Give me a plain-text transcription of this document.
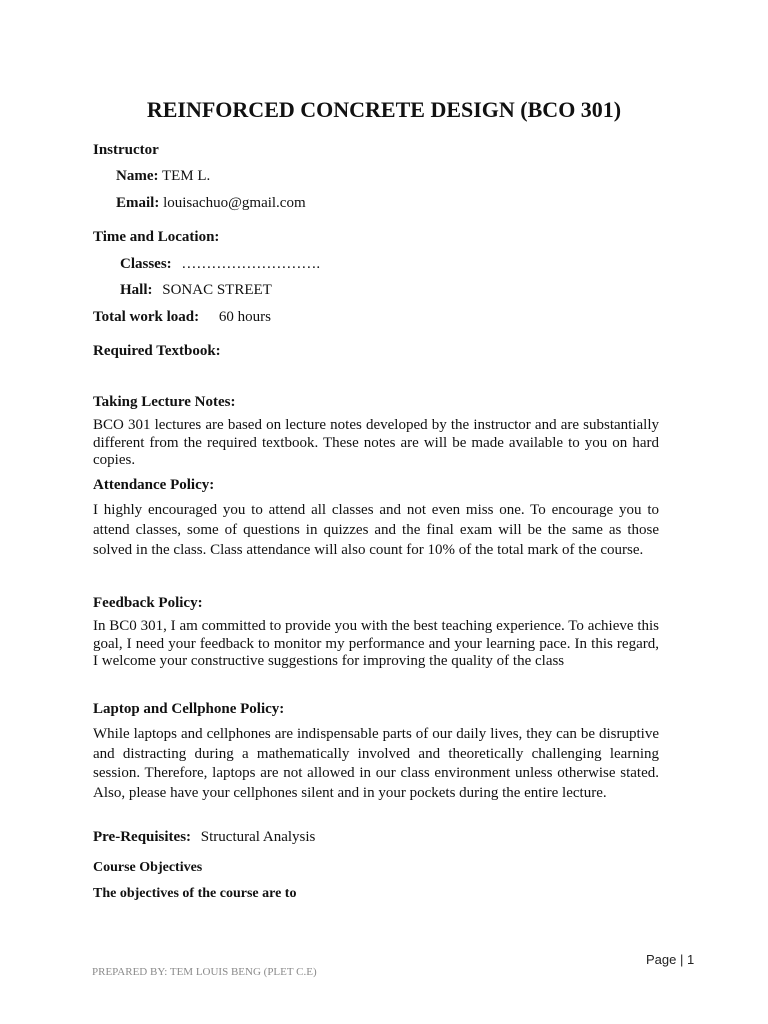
REINFORCED CONCRETE DESIGN (BCO 301)
Instructor
Name: TEM L.
Email: louisachuo@gmail.com
Time and Location:
Classes: ……………………….
Hall: SONAC STREET
Total work load: 60 hours
Required Textbook:
Taking Lecture Notes:
BCO 301 lectures are based on lecture notes developed by the instructor and are substantially different from the required textbook. These notes are will be made available to you on hard copies.
Attendance Policy:
I highly encouraged you to attend all classes and not even miss one. To encourage you to attend classes, some of questions in quizzes and the final exam will be the same as those solved in the class. Class attendance will also count for 10% of the total mark of the course.
Feedback Policy:
In BC0 301, I am committed to provide you with the best teaching experience. To achieve this goal, I need your feedback to monitor my performance and your learning pace. In this regard, I welcome your constructive suggestions for improving the quality of the class
Laptop and Cellphone Policy:
While laptops and cellphones are indispensable parts of our daily lives, they can be disruptive and distracting during a mathematically involved and theoretically challenging learning session. Therefore, laptops are not allowed in our class environment unless otherwise stated. Also, please have your cellphones silent and in your pockets during the entire lecture.
Pre-Requisites: Structural Analysis
Course Objectives
The objectives of the course are to
Page | 1
PREPARED BY: TEM LOUIS BENG (PLET C.E)
